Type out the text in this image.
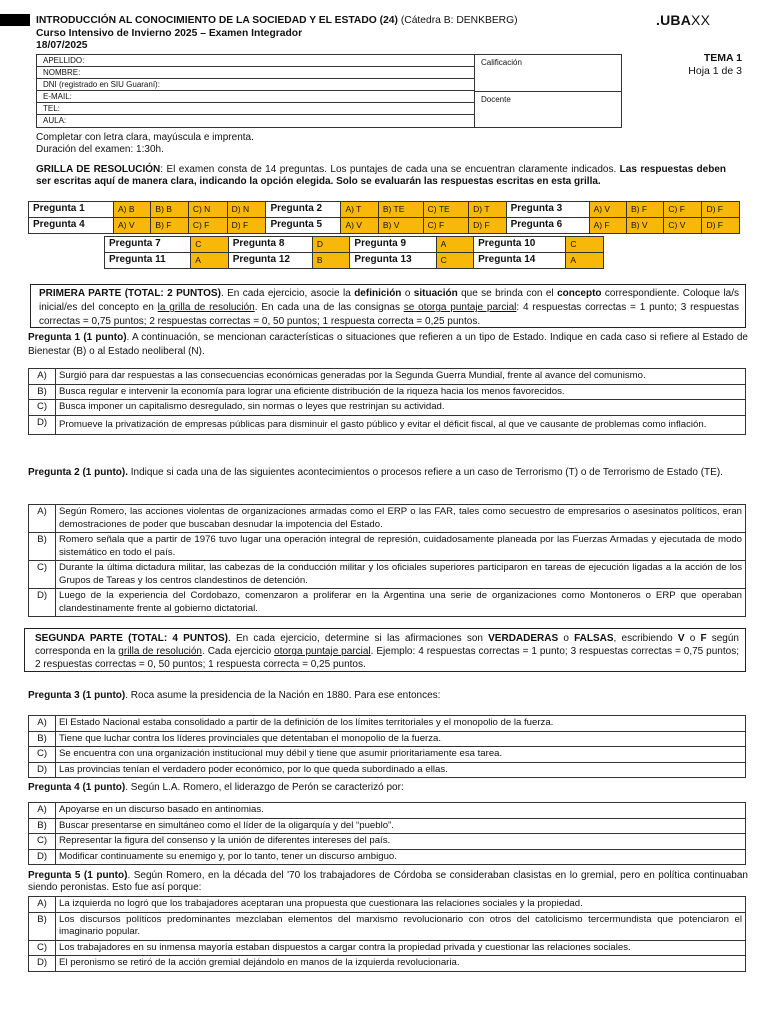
INTRODUCCIÓN AL CONOCIMIENTO DE LA SOCIEDAD Y EL ESTADO (24) (Cátedra B: DENKBERG)
Curso Intensivo de Invierno 2025 – Examen Integrador
18/07/2025
.UBAXX
TEMA 1
Hoja 1 de 3
APELLIDO:
NOMBRE:
DNI (registrado en SIU Guaraní):
E-MAIL:
TEL:
AULA:
Calificación
Docente
Completar con letra clara, mayúscula e imprenta.
Duración del examen: 1:30h.
GRILLA DE RESOLUCIÓN: El examen consta de 14 preguntas. Los puntajes de cada una se encuentran claramente indicados. Las respuestas deben ser escritas aquí de manera clara, indicando la opción elegida. Solo se evaluarán las respuestas escritas en esta grilla.
Pregunta 1	A) B	B) B	C) N	D) N	Pregunta 2	A) T	B) TE	C) TE	D) T	Pregunta 3	A) V	B) F	C) F	D) F
Pregunta 4	A) V	B) F	C) F	D) F	Pregunta 5	A) V	B) V	C) F	D) F	Pregunta 6	A) F	B) V	C) V	D) F
Pregunta 7	C	Pregunta 8	D	Pregunta 9	A	Pregunta 10	C
Pregunta 11	A	Pregunta 12	B	Pregunta 13	C	Pregunta 14	A
PRIMERA PARTE (TOTAL: 2 PUNTOS). En cada ejercicio, asocie la definición o situación que se brinda con el concepto correspondiente. Coloque la/s inicial/es del concepto en la grilla de resolución. En cada una de las consignas se otorga puntaje parcial: 4 respuestas correctas = 1 punto; 3 respuestas correctas = 0,75 puntos; 2 respuestas correctas = 0, 50 puntos; 1 respuesta correcta = 0,25 puntos.
Pregunta 1 (1 punto). A continuación, se mencionan características o situaciones que refieren a un tipo de Estado. Indique en cada caso si refiere al Estado de Bienestar (B) o al Estado neoliberal (N).
A)	Surgió para dar respuestas a las consecuencias económicas generadas por la Segunda Guerra Mundial, frente al avance del comunismo.
B)	Busca regular e intervenir la economía para lograr una eficiente distribución de la riqueza hacia los menos favorecidos.
C)	Busca imponer un capitalismo desregulado, sin normas o leyes que restrinjan su actividad.
D)	Promueve la privatización de empresas públicas para disminuir el gasto público y evitar el déficit fiscal, al que ve causante de problemas como inflación.
Pregunta 2 (1 punto). Indique si cada una de las siguientes acontecimientos o procesos refiere a un caso de Terrorismo (T) o de Terrorismo de Estado (TE).
A)	Según Romero, las acciones violentas de organizaciones armadas como el ERP o las FAR, tales como secuestro de empresarios o asesinatos políticos, eran demostraciones de poder que buscaban desnudar la impotencia del Estado.
B)	Romero señala que a partir de 1976 tuvo lugar una operación integral de represión, cuidadosamente planeada por las Fuerzas Armadas y ejecutada de modo sistemático en todo el país.
C)	Durante la última dictadura militar, las cabezas de la conducción militar y los oficiales superiores participaron en tareas de ejecución ligadas a la acción de los Grupos de Tareas y los centros clandestinos de detención.
D)	Luego de la experiencia del Cordobazo, comenzaron a proliferar en la Argentina una serie de organizaciones como Montoneros o ERP que operaban clandestinamente frente al gobierno dictatorial.
SEGUNDA PARTE (TOTAL: 4 PUNTOS). En cada ejercicio, determine si las afirmaciones son VERDADERAS o FALSAS, escribiendo V o F según corresponda en la grilla de resolución. Cada ejercicio otorga puntaje parcial. Ejemplo: 4 respuestas correctas = 1 punto; 3 respuestas correctas = 0,75 puntos; 2 respuestas correctas = 0, 50 puntos; 1 respuesta correcta = 0,25 puntos.
Pregunta 3 (1 punto). Roca asume la presidencia de la Nación en 1880. Para ese entonces:
A)	El Estado Nacional estaba consolidado a partir de la definición de los límites territoriales y el monopolio de la fuerza.
B)	Tiene que luchar contra los líderes provinciales que detentaban el monopolio de la fuerza.
C)	Se encuentra con una organización institucional muy débil y tiene que asumir prioritariamente esa tarea.
D)	Las provincias tenían el verdadero poder económico, por lo que queda subordinado a ellas.
Pregunta 4 (1 punto). Según L.A. Romero, el liderazgo de Perón se caracterizó por:
A)	Apoyarse en un discurso basado en antinomias.
B)	Buscar presentarse en simultáneo como el líder de la oligarquía y del “pueblo”.
C)	Representar la figura del consenso y la unión de diferentes intereses del país.
D)	Modificar continuamente su enemigo y, por lo tanto, tener un discurso ambiguo.
Pregunta 5 (1 punto). Según Romero, en la década del '70 los trabajadores de Córdoba se consideraban clasistas en lo gremial, pero en política continuaban siendo peronistas. Esto fue así porque:
A)	La izquierda no logró que los trabajadores aceptaran una propuesta que cuestionara las relaciones sociales y la propiedad.
B)	Los discursos políticos predominantes mezclaban elementos del marxismo revolucionario con otros del catolicismo tercermundista que potenciaron el imaginario popular.
C)	Los trabajadores en su inmensa mayoría estaban dispuestos a cargar contra la propiedad privada y cuestionar las relaciones sociales.
D)	El peronismo se retiró de la acción gremial dejándolo en manos de la izquierda revolucionaria.
